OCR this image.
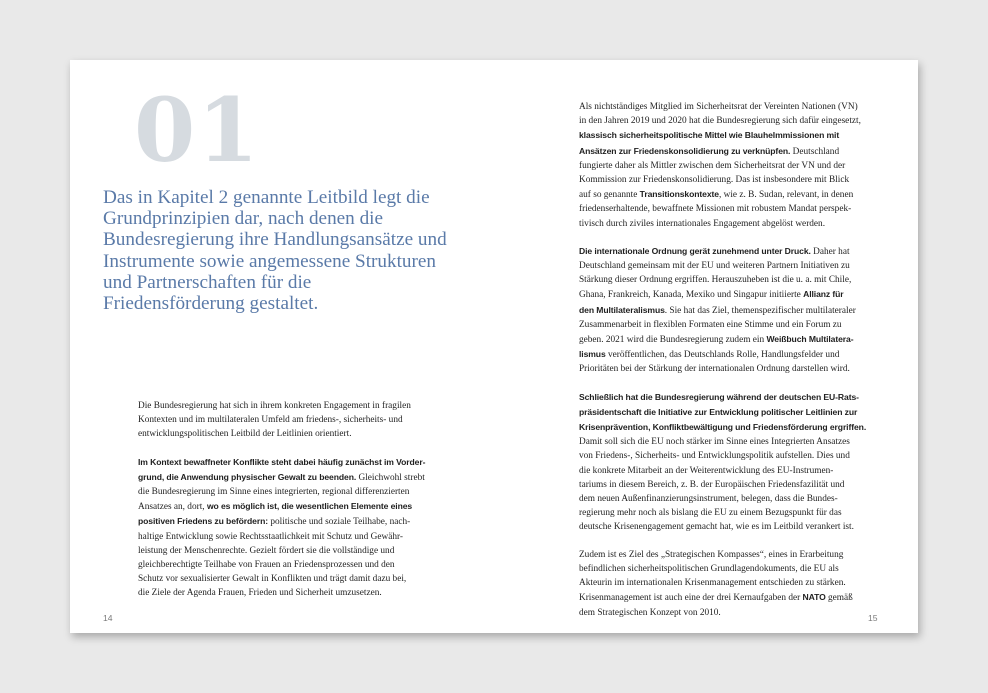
01
Das in Kapitel 2 genannte Leitbild legt die Grundprinzipien dar, nach denen die Bundesregierung ihre Handlungsansätze und Instrumente sowie angemessene Strukturen und Partnerschaften für die Friedensförderung gestaltet.

Die Bundesregierung hat sich in ihrem konkreten Engagement in fragilen
Kontexten und im multilateralen Umfeld am friedens-, sicherheits- und
entwicklungspolitischen Leitbild der Leitlinien orientiert.

Im Kontext bewaffneter Konflikte steht dabei häufig zunächst im Vorder-
grund, die Anwendung physischer Gewalt zu beenden. Gleichwohl strebt
die Bundesregierung im Sinne eines integrierten, regional differenzierten
Ansatzes an, dort, wo es möglich ist, die wesentlichen Elemente eines
positiven Friedens zu befördern: politische und soziale Teilhabe, nach-
haltige Entwicklung sowie Rechtsstaatlichkeit mit Schutz und Gewähr-
leistung der Menschenrechte. Gezielt fördert sie die vollständige und
gleichberechtigte Teilhabe von Frauen an Friedensprozessen und den
Schutz vor sexualisierter Gewalt in Konflikten und trägt damit dazu bei,
die Ziele der Agenda Frauen, Frieden und Sicherheit umzusetzen.

14

Als nichtständiges Mitglied im Sicherheitsrat der Vereinten Nationen (VN)
in den Jahren 2019 und 2020 hat die Bundesregierung sich dafür eingesetzt,
klassisch sicherheitspolitische Mittel wie Blauhelmmissionen mit
Ansätzen zur Friedenskonsolidierung zu verknüpfen. Deutschland
fungierte daher als Mittler zwischen dem Sicherheitsrat der VN und der
Kommission zur Friedenskonsolidierung. Das ist insbesondere mit Blick
auf so genannte Transitionskontexte, wie z. B. Sudan, relevant, in denen
friedenserhaltende, bewaffnete Missionen mit robustem Mandat perspek-
tivisch durch ziviles internationales Engagement abgelöst werden.

Die internationale Ordnung gerät zunehmend unter Druck. Daher hat
Deutschland gemeinsam mit der EU und weiteren Partnern Initiativen zu
Stärkung dieser Ordnung ergriffen. Herauszuheben ist die u. a. mit Chile,
Ghana, Frankreich, Kanada, Mexiko und Singapur initiierte Allianz für
den Multilateralismus. Sie hat das Ziel, themenspezifischer multilateraler
Zusammenarbeit in flexiblen Formaten eine Stimme und ein Forum zu
geben. 2021 wird die Bundesregierung zudem ein Weißbuch Multilatera-
lismus veröffentlichen, das Deutschlands Rolle, Handlungsfelder und
Prioritäten bei der Stärkung der internationalen Ordnung darstellen wird.

Schließlich hat die Bundesregierung während der deutschen EU-Rats-
präsidentschaft die Initiative zur Entwicklung politischer Leitlinien zur
Krisenprävention, Konfliktbewältigung und Friedensförderung ergriffen.
Damit soll sich die EU noch stärker im Sinne eines Integrierten Ansatzes
von Friedens-, Sicherheits- und Entwicklungspolitik aufstellen. Dies und
die konkrete Mitarbeit an der Weiterentwicklung des EU-Instrumen-
tariums in diesem Bereich, z. B. der Europäischen Friedensfazilität und
dem neuen Außenfinanzierungsinstrument, belegen, dass die Bundes-
regierung mehr noch als bislang die EU zu einem Bezugspunkt für das
deutsche Krisenengagement gemacht hat, wie es im Leitbild verankert ist.

Zudem ist es Ziel des „Strategischen Kompasses“, eines in Erarbeitung
befindlichen sicherheitspolitischen Grundlagendokuments, die EU als
Akteurin im internationalen Krisenmanagement entschieden zu stärken.
Krisenmanagement ist auch eine der drei Kernaufgaben der NATO gemäß
dem Strategischen Konzept von 2010.

15
